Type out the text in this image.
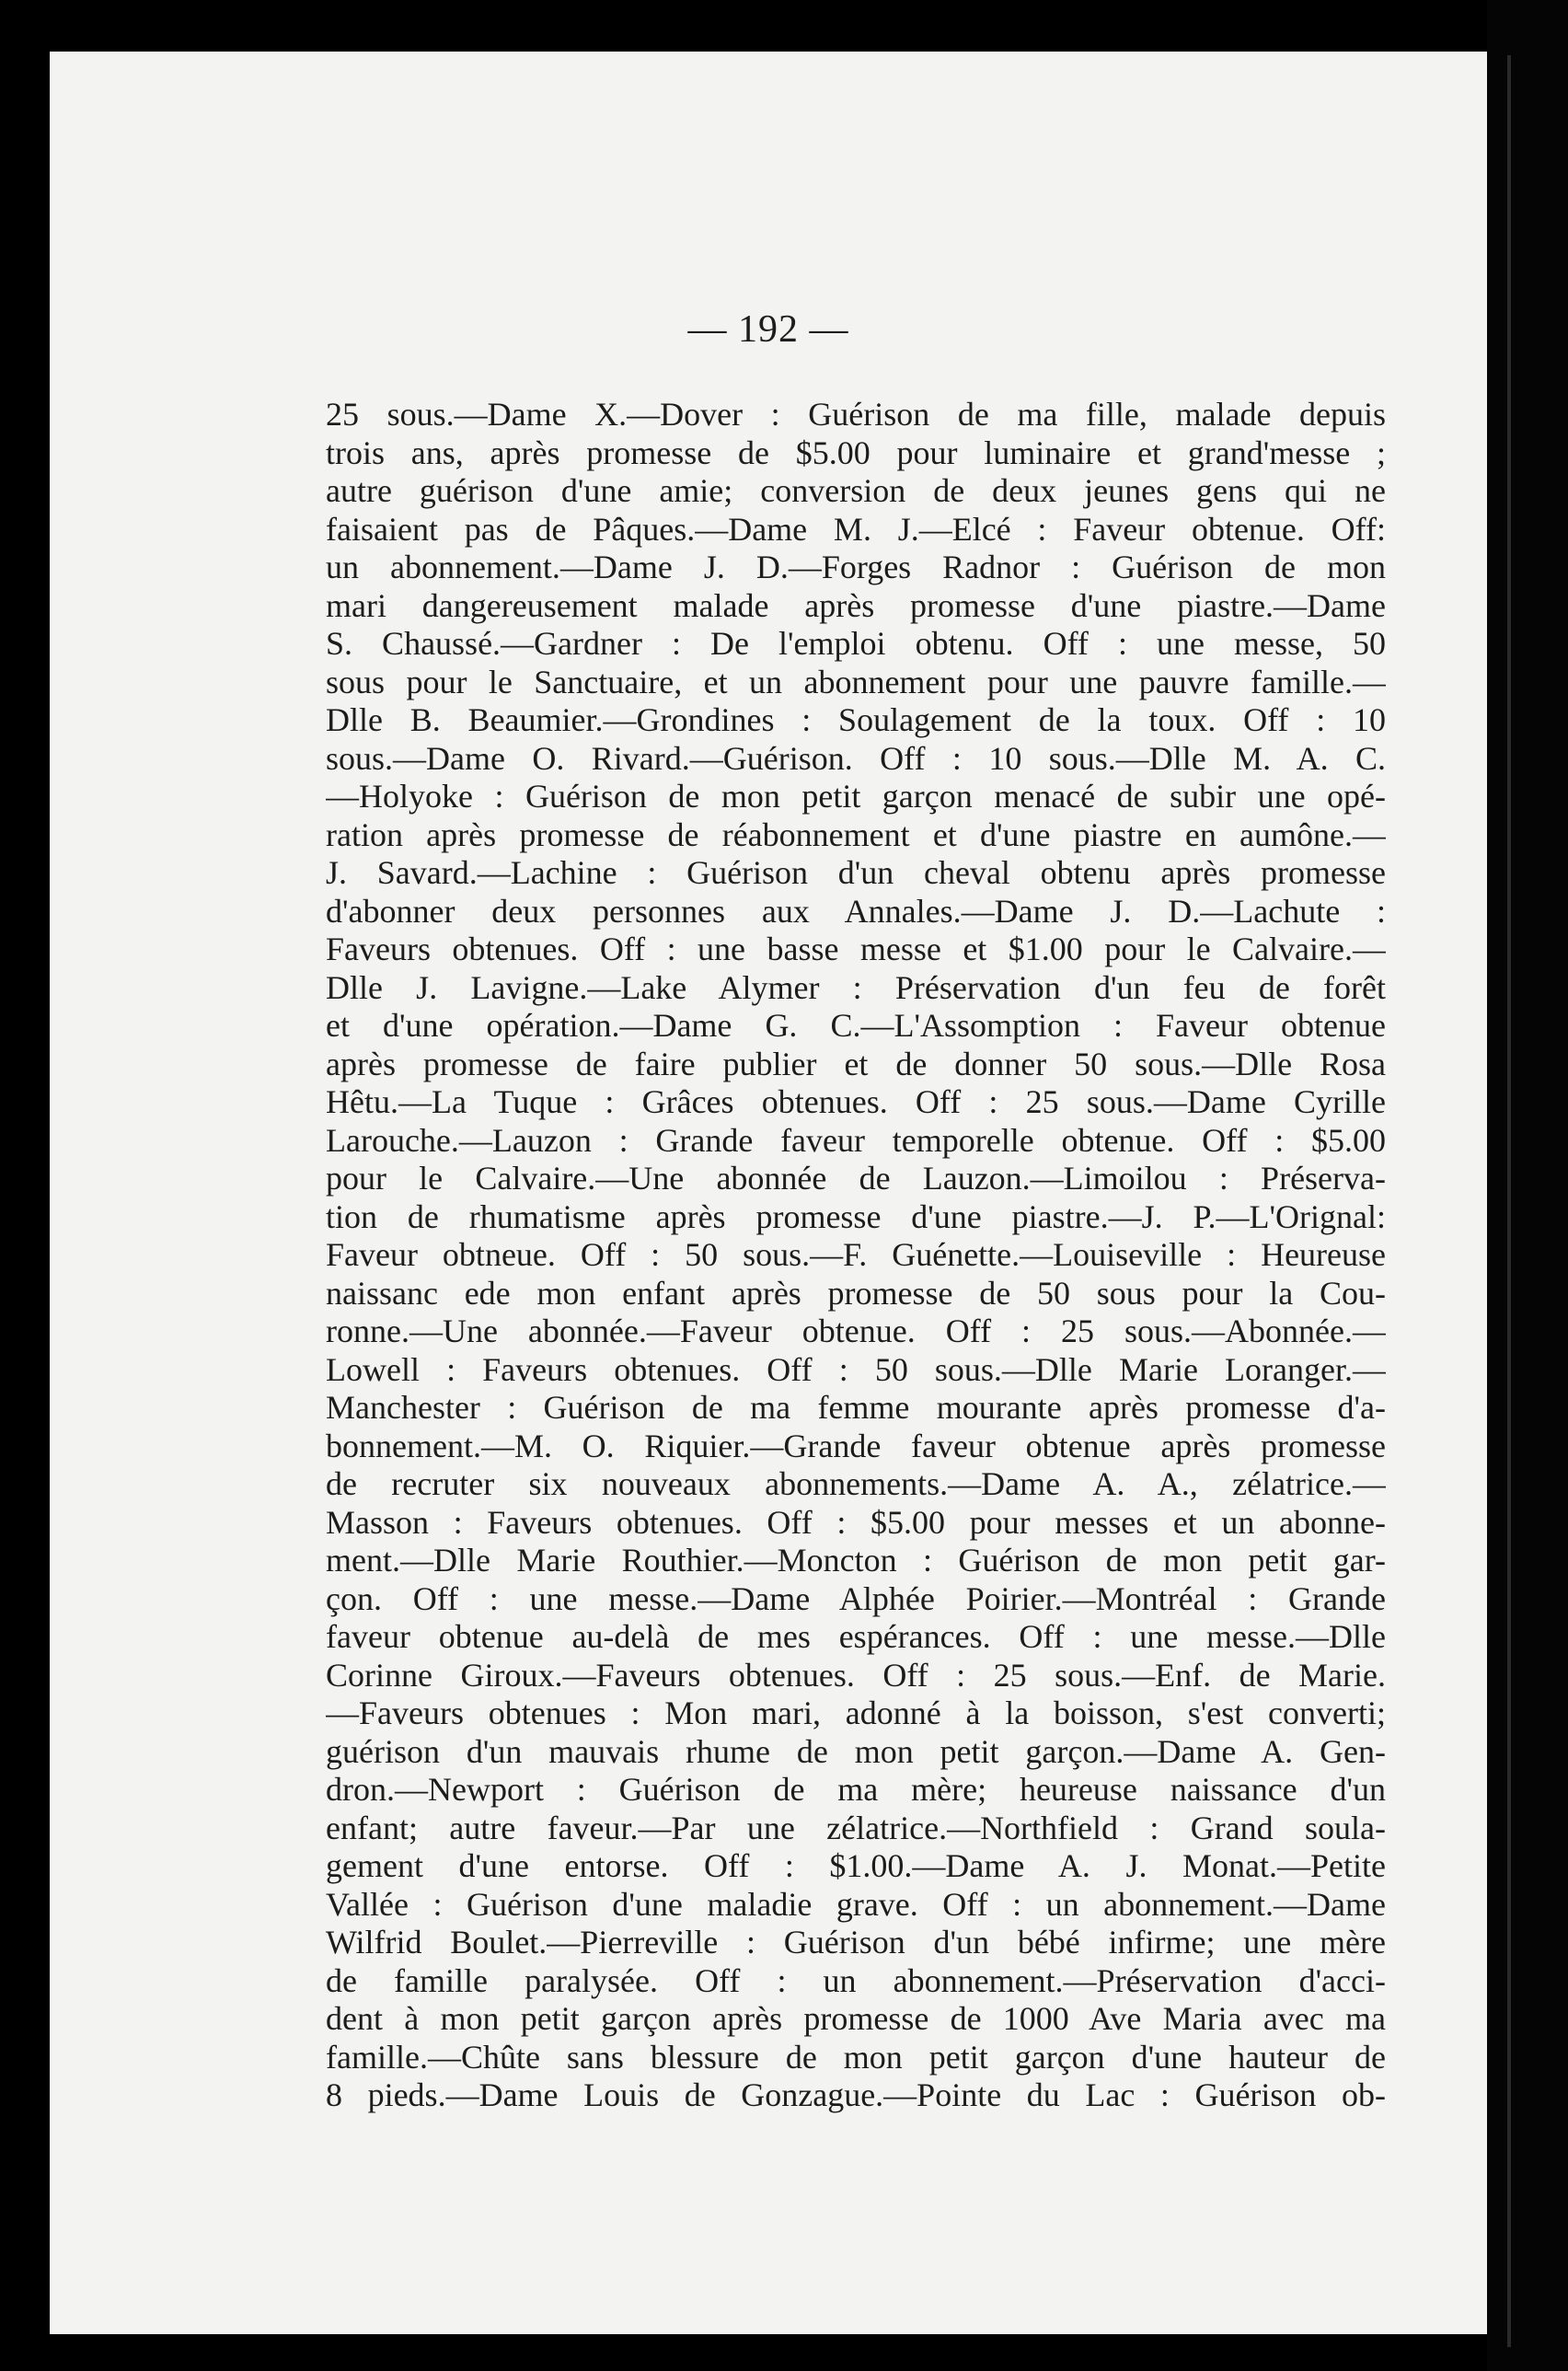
— 192 —
25 sous.—Dame X.—Dover : Guérison de ma fille, malade depuis
trois ans, après promesse de $5.00 pour luminaire et grand'messe ;
autre guérison d'une amie; conversion de deux jeunes gens qui ne
faisaient pas de Pâques.—Dame M. J.—Elcé : Faveur obtenue. Off:
un abonnement.—Dame J. D.—Forges Radnor : Guérison de mon
mari dangereusement malade après promesse d'une piastre.—Dame
S. Chaussé.—Gardner : De l'emploi obtenu. Off : une messe, 50
sous pour le Sanctuaire, et un abonnement pour une pauvre famille.—
Dlle B. Beaumier.—Grondines : Soulagement de la toux. Off : 10
sous.—Dame O. Rivard.—Guérison. Off : 10 sous.—Dlle M. A. C.
—Holyoke : Guérison de mon petit garçon menacé de subir une opé-
ration après promesse de réabonnement et d'une piastre en aumône.—
J. Savard.—Lachine : Guérison d'un cheval obtenu après promesse
d'abonner deux personnes aux Annales.—Dame J. D.—Lachute :
Faveurs obtenues. Off : une basse messe et $1.00 pour le Calvaire.—
Dlle J. Lavigne.—Lake Alymer : Préservation d'un feu de forêt
et d'une opération.—Dame G. C.—L'Assomption : Faveur obtenue
après promesse de faire publier et de donner 50 sous.—Dlle Rosa
Hêtu.—La Tuque : Grâces obtenues. Off : 25 sous.—Dame Cyrille
Larouche.—Lauzon : Grande faveur temporelle obtenue. Off : $5.00
pour le Calvaire.—Une abonnée de Lauzon.—Limoilou : Préserva-
tion de rhumatisme après promesse d'une piastre.—J. P.—L'Orignal:
Faveur obtneue. Off : 50 sous.—F. Guénette.—Louiseville : Heureuse
naissanc ede mon enfant après promesse de 50 sous pour la Cou-
ronne.—Une abonnée.—Faveur obtenue. Off : 25 sous.—Abonnée.—
Lowell : Faveurs obtenues. Off : 50 sous.—Dlle Marie Loranger.—
Manchester : Guérison de ma femme mourante après promesse d'a-
bonnement.—M. O. Riquier.—Grande faveur obtenue après promesse
de recruter six nouveaux abonnements.—Dame A. A., zélatrice.—
Masson : Faveurs obtenues. Off : $5.00 pour messes et un abonne-
ment.—Dlle Marie Routhier.—Moncton : Guérison de mon petit gar-
çon. Off : une messe.—Dame Alphée Poirier.—Montréal : Grande
faveur obtenue au-delà de mes espérances. Off : une messe.—Dlle
Corinne Giroux.—Faveurs obtenues. Off : 25 sous.—Enf. de Marie.
—Faveurs obtenues : Mon mari, adonné à la boisson, s'est converti;
guérison d'un mauvais rhume de mon petit garçon.—Dame A. Gen-
dron.—Newport : Guérison de ma mère; heureuse naissance d'un
enfant; autre faveur.—Par une zélatrice.—Northfield : Grand soula-
gement d'une entorse. Off : $1.00.—Dame A. J. Monat.—Petite
Vallée : Guérison d'une maladie grave. Off : un abonnement.—Dame
Wilfrid Boulet.—Pierreville : Guérison d'un bébé infirme; une mère
de famille paralysée. Off : un abonnement.—Préservation d'acci-
dent à mon petit garçon après promesse de 1000 Ave Maria avec ma
famille.—Chûte sans blessure de mon petit garçon d'une hauteur de
8 pieds.—Dame Louis de Gonzague.—Pointe du Lac : Guérison ob-
